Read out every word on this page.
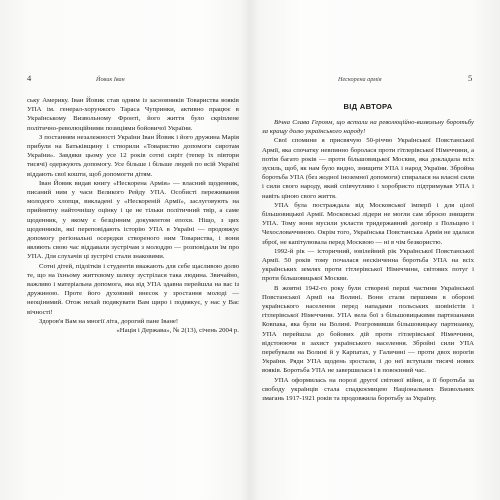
4	Йовик Іван

ську Америку. Іван Йовик став одним із засновників Товариства вояків УПА ім. генерал-хорунжого Тараса Чупринки, активно працює в Українському Визвольному Фронті, його життя було скріплене політично-революційними позиціями бойовичої України.

З постанням незалежності України Іван Йовик і його дружина Марія прибули на Батьківщину і створили «Товариство допомоги сиротам України». Завдяки цьому усе 12 років сотні сиріт (тепер їх півтори тисячі) одержують допомогу. Усе більше і більше людей по всій Україні віддають свої кошти, щоб допомогти дітям.

Іван Йовик видав книгу «Нескорена Армія» — власний щоденник, писаний ним у часи Великого Рейду УПА. Особисті переживання молодого хлопця, викладені у «Нескореній Армії», заслуговують на прийнятну найточнішу оцінку і це не тільки політичний твір, а саме щоденник, у якому є безцінним документом епохи. Ніщо, з цих щоденників, які переповідають історію УПА в Україні — продовжує допомогу регіональні осередки створеного ним Товариства, і вони являють свою час віддавали зустрічам з молоддю — розповідали їм про УПА. Для слухачів ці зустрічі стали знаковими.

Сотні дітей, підлітків і студентів вважають для себе щасливою долю те, що на їхньому життєвому шляху зустрілася така людина. Звичайно, важливо і матеріальна допомога, яка від УПА здавна перейшла на вас із дружиною. Проте його духовний внесок у зростання молоді — неоцінимий. Отож нехай подякувати Вам щиро і подвякує, у нас у Вас вічності!

Здоров'я Вам на многії літа, дорогий пане Іване!

«Нація і Держава», № 2(13), січень 2004 р.

Нескорена армія	5
ВІД АВТОРА

Вічна Слава Героям, що встали на революційно-визвольну боротьбу за кращу долю українського народу!

Свої спомини я присвячую 50-річчю Української Повстанської Армії, яка спочатку невпинно боролася проти гітлерівської Німеччини, а потім багато років — проти більшовицької Москви, яка докладала всіх зусиль, щоб, як нам було видно, знищити УПА і народ України. Збройна боротьба УПА (без жодної іноземної допомоги) спиралася на власні сили і сили свого народу, який співчутливо і хоробристо підтримував УПА і навіть ціною свого життя.

УПА була постраждала від Московської імперії і для цілої більшовицької Армії. Московські лідери не могли сам зброєю знищити УПА. Тому вони мусили укласти тридержавний договір з Польщею і Чехословаччиною. Окрім того, Українська Повстанська Армія не здалася зброї, не капітулювала перед Москвою — ні в чім безкористю.

1992-й рік — історичний, ювілейний рік Української Повстанської Армії. 50 років тому почалася нескінченна боротьба УПА на всіх українських землях проти гітлерівської Німеччини, світових потуг і проти більшовицької Москви.

В жовтні 1942-го року були створені перші частини Української Повстанської Армії на Волині. Вони стали першими в обороні українського населення перед нападами польських шовіністів і гітлерівської Німеччини. УПА вела бої з більшовицькими партизанами Ковпака, яка були на Волині. Розгромивши більшовицьку партизанку, УПА перейшла до бойових дій проти гітлерівської Німеччини, відстоюючи в захист українського населення. Збройні сили УПА перебували на Волині й у Карпатах, у Галичині — проти двох ворогів України. Ряди УПА щодень зростали, і до неї вступали тисячі нових вояків. Боротьба УПА не завершилася і в повоєнний час.

УПА оформилась на порозі другої світової війни, а її боротьба за свободу українців стала спадкоємицею Національних Визвольних змагань 1917-1921 років та продовжила боротьбу за Україну.
